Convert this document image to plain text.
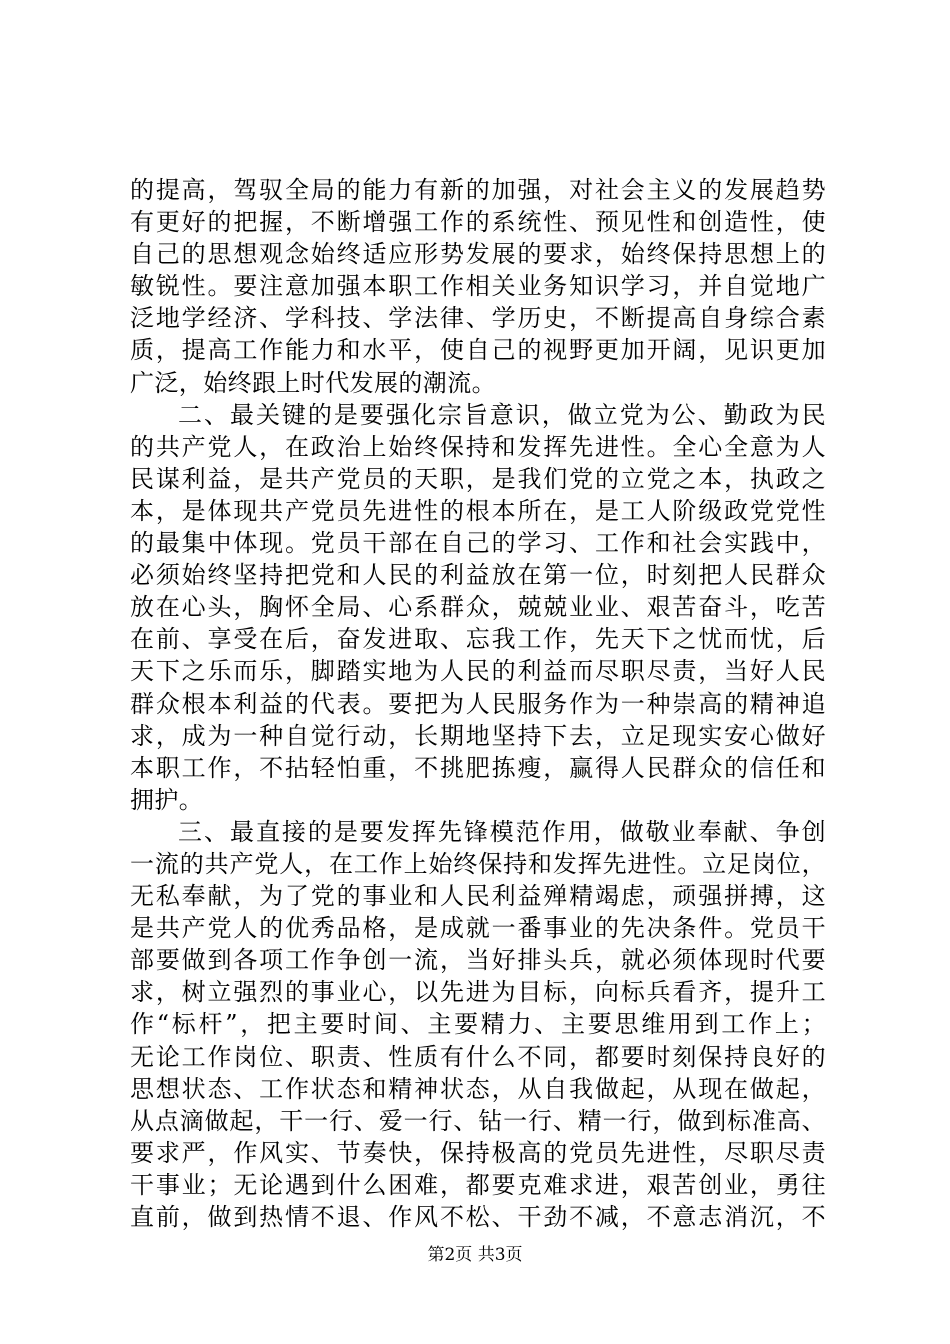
的提高，驾驭全局的能力有新的加强，对社会主义的发展趋势
有更好的把握，不断增强工作的系统性、预见性和创造性，使
自己的思想观念始终适应形势发展的要求，始终保持思想上的
敏锐性。要注意加强本职工作相关业务知识学习，并自觉地广
泛地学经济、学科技、学法律、学历史，不断提高自身综合素
质，提高工作能力和水平，使自己的视野更加开阔，见识更加
广泛，始终跟上时代发展的潮流。
二、最关键的是要强化宗旨意识，做立党为公、勤政为民
的共产党人，在政治上始终保持和发挥先进性。全心全意为人
民谋利益，是共产党员的天职，是我们党的立党之本，执政之
本，是体现共产党员先进性的根本所在，是工人阶级政党党性
的最集中体现。党员干部在自己的学习、工作和社会实践中，
必须始终坚持把党和人民的利益放在第一位，时刻把人民群众
放在心头，胸怀全局、心系群众，兢兢业业、艰苦奋斗，吃苦
在前、享受在后，奋发进取、忘我工作，先天下之忧而忧，后
天下之乐而乐，脚踏实地为人民的利益而尽职尽责，当好人民
群众根本利益的代表。要把为人民服务作为一种崇高的精神追
求，成为一种自觉行动，长期地坚持下去，立足现实安心做好
本职工作，不拈轻怕重，不挑肥拣瘦，赢得人民群众的信任和
拥护。
三、最直接的是要发挥先锋模范作用，做敬业奉献、争创
一流的共产党人，在工作上始终保持和发挥先进性。立足岗位，
无私奉献，为了党的事业和人民利益殚精竭虑，顽强拼搏，这
是共产党人的优秀品格，是成就一番事业的先决条件。党员干
部要做到各项工作争创一流，当好排头兵，就必须体现时代要
求，树立强烈的事业心，以先进为目标，向标兵看齐，提升工
作“标杆”，把主要时间、主要精力、主要思维用到工作上；
无论工作岗位、职责、性质有什么不同，都要时刻保持良好的
思想状态、工作状态和精神状态，从自我做起，从现在做起，
从点滴做起，干一行、爱一行、钻一行、精一行，做到标准高、
要求严，作风实、节奏快，保持极高的党员先进性，尽职尽责
干事业；无论遇到什么困难，都要克难求进，艰苦创业，勇往
直前，做到热情不退、作风不松、干劲不减，不意志消沉，不
第2页 共3页
